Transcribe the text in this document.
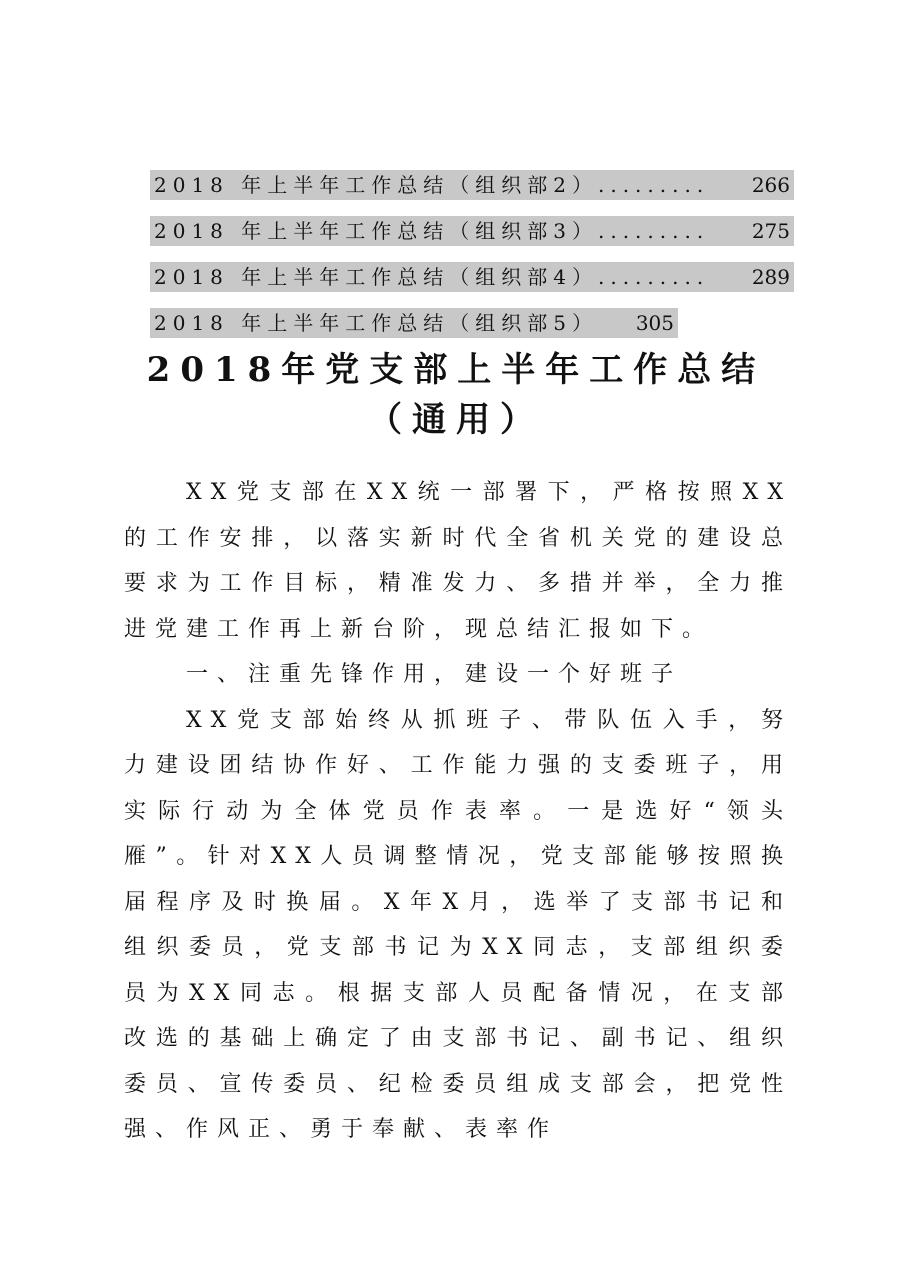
2018 年上半年工作总结（组织部2）......... 266
2018 年上半年工作总结（组织部3）......... 275
2018 年上半年工作总结（组织部4）......... 289
2018 年上半年工作总结（组织部5） 305
2018年党支部上半年工作总结（通用）

XX党支部在XX统一部署下，严格按照XX的工作安排，以落实新时代全省机关党的建设总要求为工作目标，精准发力、多措并举，全力推进党建工作再上新台阶，现总结汇报如下。

一、注重先锋作用，建设一个好班子

XX党支部始终从抓班子、带队伍入手，努力建设团结协作好、工作能力强的支委班子，用实际行动为全体党员作表率。一是选好“领头雁”。针对XX人员调整情况，党支部能够按照换届程序及时换届。X年X月，选举了支部书记和组织委员，党支部书记为XX同志，支部组织委员为XX同志。根据支部人员配备情况，在支部改选的基础上确定了由支部书记、副书记、组织委员、宣传委员、纪检委员组成支部会，把党性强、作风正、勇于奉献、表率作
